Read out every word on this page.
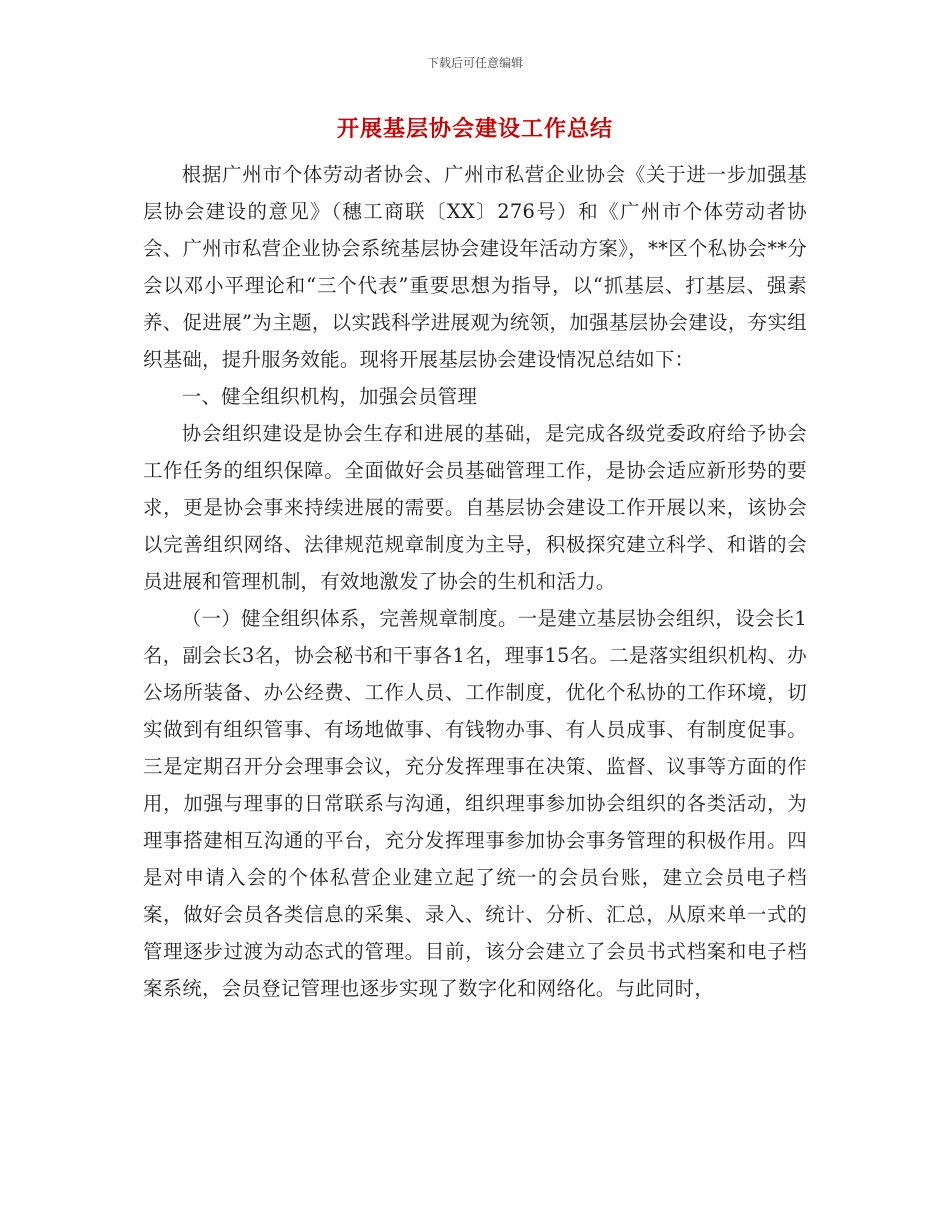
下载后可任意编辑
开展基层协会建设工作总结

根据广州市个体劳动者协会、广州市私营企业协会《关于进一步加强基层协会建设的意见》（穗工商联〔XX〕276号）和《广州市个体劳动者协会、广州市私营企业协会系统基层协会建设年活动方案》，**区个私协会**分会以邓小平理论和“三个代表”重要思想为指导，以“抓基层、打基层、强素养、促进展”为主题，以实践科学进展观为统领，加强基层协会建设，夯实组织基础，提升服务效能。现将开展基层协会建设情况总结如下：

一、健全组织机构，加强会员管理

协会组织建设是协会生存和进展的基础，是完成各级党委政府给予协会工作任务的组织保障。全面做好会员基础管理工作，是协会适应新形势的要求，更是协会事来持续进展的需要。自基层协会建设工作开展以来，该协会以完善组织网络、法律规范规章制度为主导，积极探究建立科学、和谐的会员进展和管理机制，有效地激发了协会的生机和活力。

（一）健全组织体系，完善规章制度。一是建立基层协会组织，设会长1名，副会长3名，协会秘书和干事各1名，理事15名。二是落实组织机构、办公场所装备、办公经费、工作人员、工作制度，优化个私协的工作环境，切实做到有组织管事、有场地做事、有钱物办事、有人员成事、有制度促事。三是定期召开分会理事会议，充分发挥理事在决策、监督、议事等方面的作用，加强与理事的日常联系与沟通，组织理事参加协会组织的各类活动，为理事搭建相互沟通的平台，充分发挥理事参加协会事务管理的积极作用。四是对申请入会的个体私营企业建立起了统一的会员台账，建立会员电子档案，做好会员各类信息的采集、录入、统计、分析、汇总，从原来单一式的管理逐步过渡为动态式的管理。目前，该分会建立了会员书式档案和电子档案系统，会员登记管理也逐步实现了数字化和网络化。与此同时，
